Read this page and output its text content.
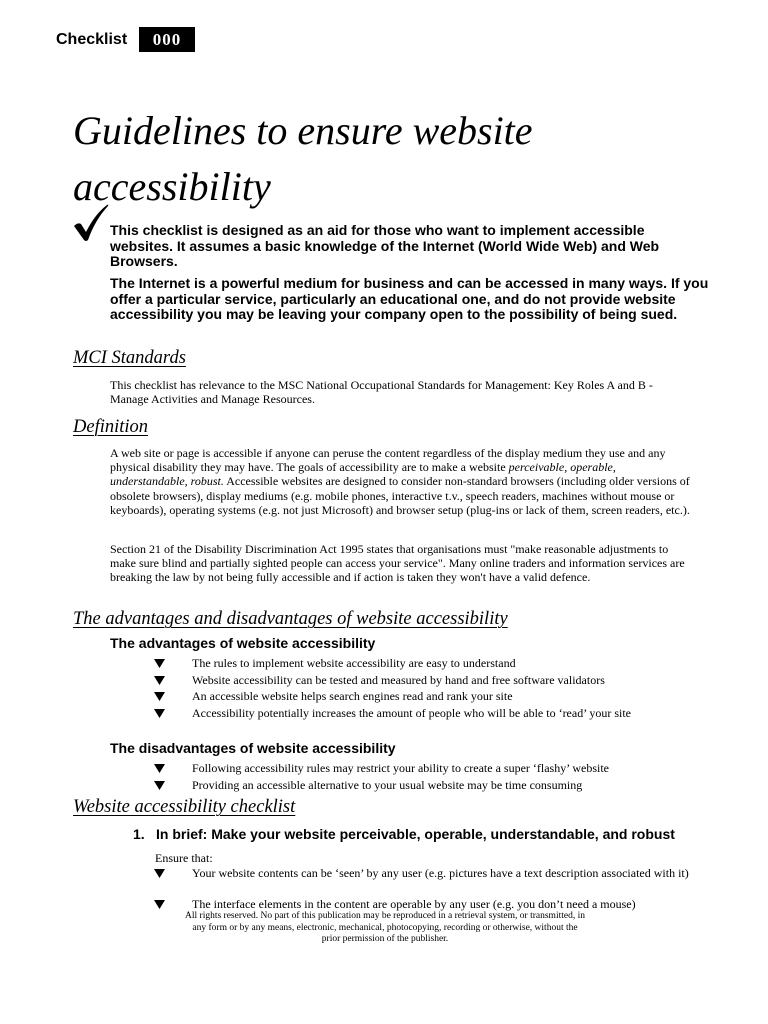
Checklist	000
Guidelines to ensure website accessibility

This checklist is designed as an aid for those who want to implement accessible websites. It assumes a basic knowledge of the Internet (World Wide Web) and Web Browsers.

The Internet is a powerful medium for business and can be accessed in many ways. If you offer a particular service, particularly an educational one, and do not provide website accessibility you may be leaving your company open to the possibility of being sued.

MCI Standards

This checklist has relevance to the MSC National Occupational Standards for Management: Key Roles A and B - Manage Activities and Manage Resources.

Definition

A web site or page is accessible if anyone can peruse the content regardless of the display medium they use and any physical disability they may have. The goals of accessibility are to make a website perceivable, operable, understandable, robust. Accessible websites are designed to consider non-standard browsers (including older versions of obsolete browsers), display mediums (e.g. mobile phones, interactive t.v., speech readers, machines without mouse or keyboards), operating systems (e.g. not just Microsoft) and browser setup (plug-ins or lack of them, screen readers, etc.).

Section 21 of the Disability Discrimination Act 1995 states that organisations must "make reasonable adjustments to make sure blind and partially sighted people can access your service". Many online traders and information services are breaking the law by not being fully accessible and if action is taken they won't have a valid defence.

The advantages and disadvantages of website accessibility
The advantages of website accessibility
The rules to implement website accessibility are easy to understand
Website accessibility can be tested and measured by hand and free software validators
An accessible website helps search engines read and rank your site
Accessibility potentially increases the amount of people who will be able to ‘read’ your site
The disadvantages of website accessibility
Following accessibility rules may restrict your ability to create a super ‘flashy’ website
Providing an accessible alternative to your usual website may be time consuming
Website accessibility checklist

1. In brief: Make your website perceivable, operable, understandable, and robust

Ensure that:

Your website contents can be ‘seen’ by any user (e.g. pictures have a text description associated with it)
The interface elements in the content are operable by any user (e.g. you don’t need a mouse)

All rights reserved. No part of this publication may be reproduced in a retrieval system, or transmitted, in
any form or by any means, electronic, mechanical, photocopying, recording or otherwise, without the
prior permission of the publisher.
